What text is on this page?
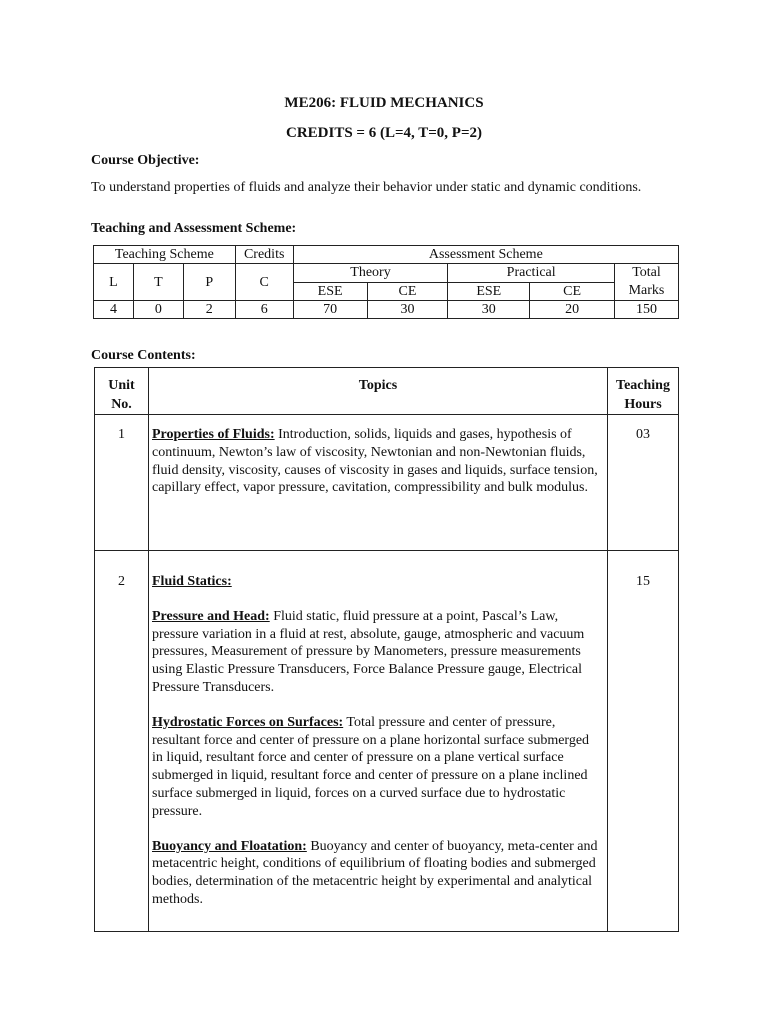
ME206: FLUID MECHANICS
CREDITS = 6 (L=4, T=0, P=2)
Course Objective:
To understand properties of fluids and analyze their behavior under static and dynamic conditions.
Teaching and Assessment Scheme:
Teaching Scheme			Credits	Assessment Scheme				
L	T	P	C	Theory		Practical		Total Marks
				ESE	CE	ESE	CE	
4	0	2	6	70	30	30	20	150
Course Contents:
Unit No.	Topics	Teaching Hours

1	Properties of Fluids: Introduction, solids, liquids and gases, hypothesis of continuum, Newton’s law of viscosity, Newtonian and non-Newtonian fluids, fluid density, viscosity, causes of viscosity in gases and liquids, surface tension, capillary effect, vapor pressure, cavitation, compressibility and bulk modulus.	03

2	Fluid Statics:

Pressure and Head: Fluid static, fluid pressure at a point, Pascal’s Law, pressure variation in a fluid at rest, absolute, gauge, atmospheric and vacuum pressures, Measurement of pressure by Manometers, pressure measurements using Elastic Pressure Transducers, Force Balance Pressure gauge, Electrical Pressure Transducers.

Hydrostatic Forces on Surfaces: Total pressure and center of pressure, resultant force and center of pressure on a plane horizontal surface submerged in liquid, resultant force and center of pressure on a plane vertical surface submerged in liquid, resultant force and center of pressure on a plane inclined surface submerged in liquid, forces on a curved surface due to hydrostatic pressure.

Buoyancy and Floatation: Buoyancy and center of buoyancy, meta-center and metacentric height, conditions of equilibrium of floating bodies and submerged bodies, determination of the metacentric height by experimental and analytical methods.	15
